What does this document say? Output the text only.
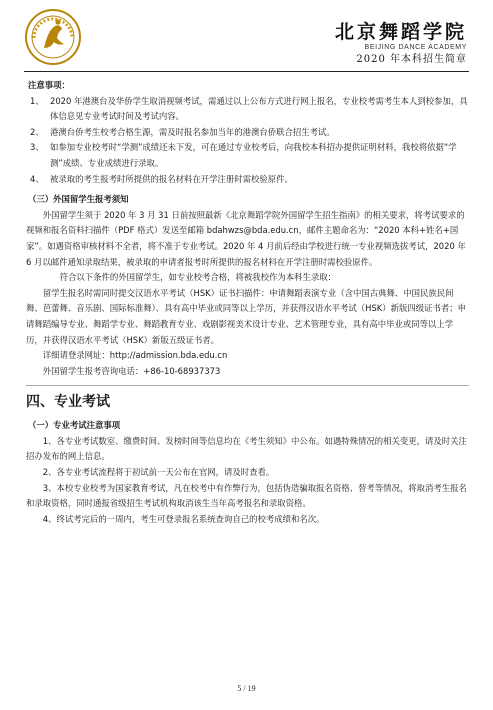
北京舞蹈学院
BEIJING DANCE ACADEMY
2020 年本科招生简章
注意事项：
1、 2020 年港澳台及华侨学生取消视频考试，需通过以上公布方式进行网上报名，专业校考需考生本人到校参加，具体信息见专业考试时间及考试内容。
2、 港澳台侨考生校考合格生源，需及时报名参加当年的港澳台侨联合招生考试。
3、 如参加专业校考时“学测”成绩还未下发，可在通过专业校考后，向我校本科招办提供证明材料，我校将依据“学测”成绩、专业成绩进行录取。
4、 被录取的考生报考时所提供的报名材料在开学注册时需校验原件。
（三）外国留学生报考须知
外国留学生须于 2020 年 3 月 31 日前按照最新《北京舞蹈学院外国留学生招生指南》的相关要求，将考试要求的视频和报名资料扫描件（PDF 格式）发送至邮箱 bdahwzs@bda.edu.cn，邮件主题命名为：“2020 本科+姓名+国家”。如遇资格审核材料不全者，将不准于专业考试。2020 年 4 月前后经由学校进行统一专业视频选拔考试，2020 年 6 月以邮件通知录取结果，被录取的申请者报考时所提供的报名材料在开学注册时需校验原件。
符合以下条件的外国留学生，如专业校考合格，将被我校作为本科生录取：
留学生报名时需同时提交汉语水平考试（HSK）证书扫描件：申请舞蹈表演专业（含中国古典舞、中国民族民间舞、芭蕾舞、音乐剧、国际标准舞）、具有高中毕业或同等以上学历，并获得汉语水平考试（HSK）新版四级证书者；申请舞蹈编导专业、舞蹈学专业、舞蹈教育专业、戏剧影视美术设计专业、艺术管理专业，具有高中毕业或同等以上学历，并获得汉语水平考试（HSK）新版五级证书者。
详细请登录网址：http://admission.bda.edu.cn
外国留学生报考咨询电话：+86-10-68937373
四、专业考试
（一）专业考试注意事项
1、各专业考试数室、缴费时间、发榜时间等信息均在《考生须知》中公布。如遇特殊情况的相关变更，请及时关注招办发布的网上信息。
2、各专业考试流程将于初试前一天公布在官网，请及时查看。
3、本校专业校考为国家教育考试，凡在校考中有作弊行为，包括伪造骗取报名资格、替考等情况，将取消考生报名和录取资格，同时通报省级招生考试机构取消该生当年高考报名和录取资格。
4、终试考完后的一周内，考生可登录报名系统查询自己的校考成绩和名次。
5 / 19
